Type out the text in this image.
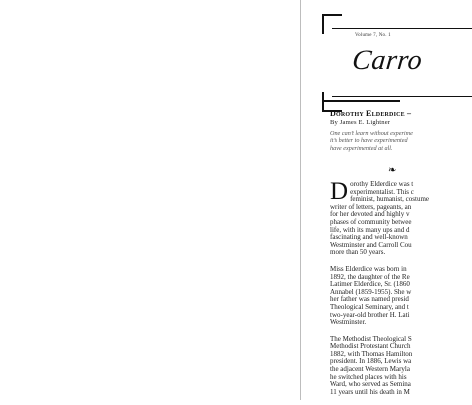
Volume 7, No. 1
Carro
Dorothy Elderdice –
By James E. Lightner
One can’t learn without experime
it’s better to have experimented
have experimented at all.
❧
D orothy Elderdice was t
experimentalist. This c
feminist, humanist, costume
writer of letters, pageants, an
for her devoted and highly v
phases of community betwee
life, with its many ups and d
fascinating and well-known
Westminster and Carroll Cou
more than 50 years.
Miss Elderdice was born in
1892, the daughter of the Re
Latimer Elderdice, Sr. (1860
Annabel (1859-1955). She w
her father was named presid
Theological Seminary, and t
two-year-old brother H. Lati
Westminster.
The Methodist Theological S
Methodist Protestant Church
1882, with Thomas Hamilton
president. In 1886, Lewis wa
the adjacent Western Maryla
he switched places with his
Ward, who served as Semina
11 years until his death in M
